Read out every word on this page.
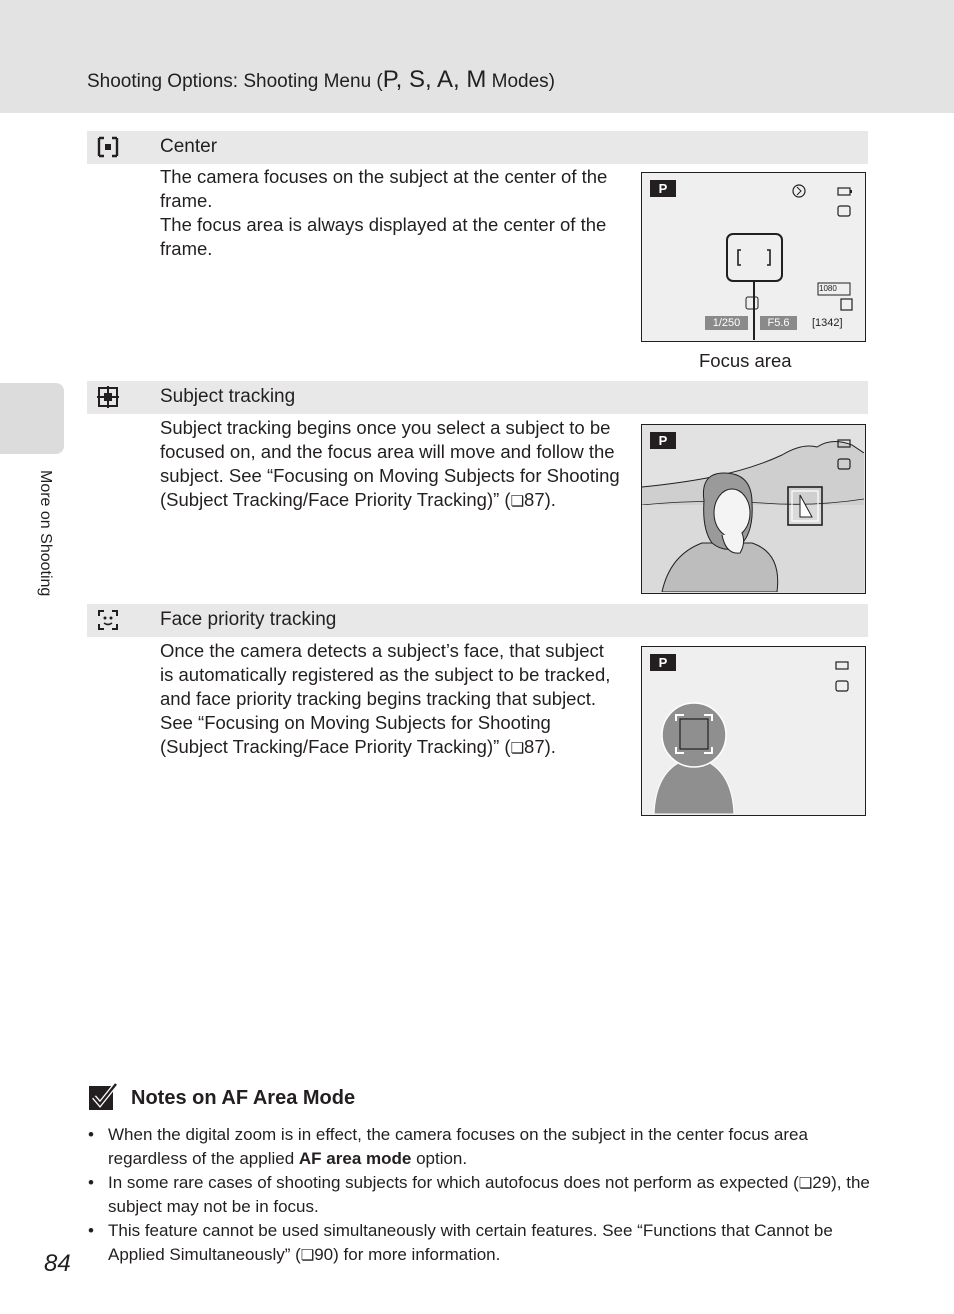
Shooting Options: Shooting Menu (P, S, A, M Modes)
More on Shooting
Center
The camera focuses on the subject at the center of the frame.
The focus area is always displayed at the center of the frame.
P
1080
1/250	F5.6	[1342]
Focus area
Subject tracking
Subject tracking begins once you select a subject to be focused on, and the focus area will move and follow the subject. See “Focusing on Moving Subjects for Shooting (Subject Tracking/Face Priority Tracking)” (❏87).
P
Face priority tracking
Once the camera detects a subject’s face, that subject is automatically registered as the subject to be tracked, and face priority tracking begins tracking that subject. See “Focusing on Moving Subjects for Shooting (Subject Tracking/Face Priority Tracking)” (❏87).
P
Notes on AF Area Mode
• When the digital zoom is in effect, the camera focuses on the subject in the center focus area regardless of the applied AF area mode option.
• In some rare cases of shooting subjects for which autofocus does not perform as expected (❏29), the subject may not be in focus.
• This feature cannot be used simultaneously with certain features. See “Functions that Cannot be Applied Simultaneously” (❏90) for more information.
84
